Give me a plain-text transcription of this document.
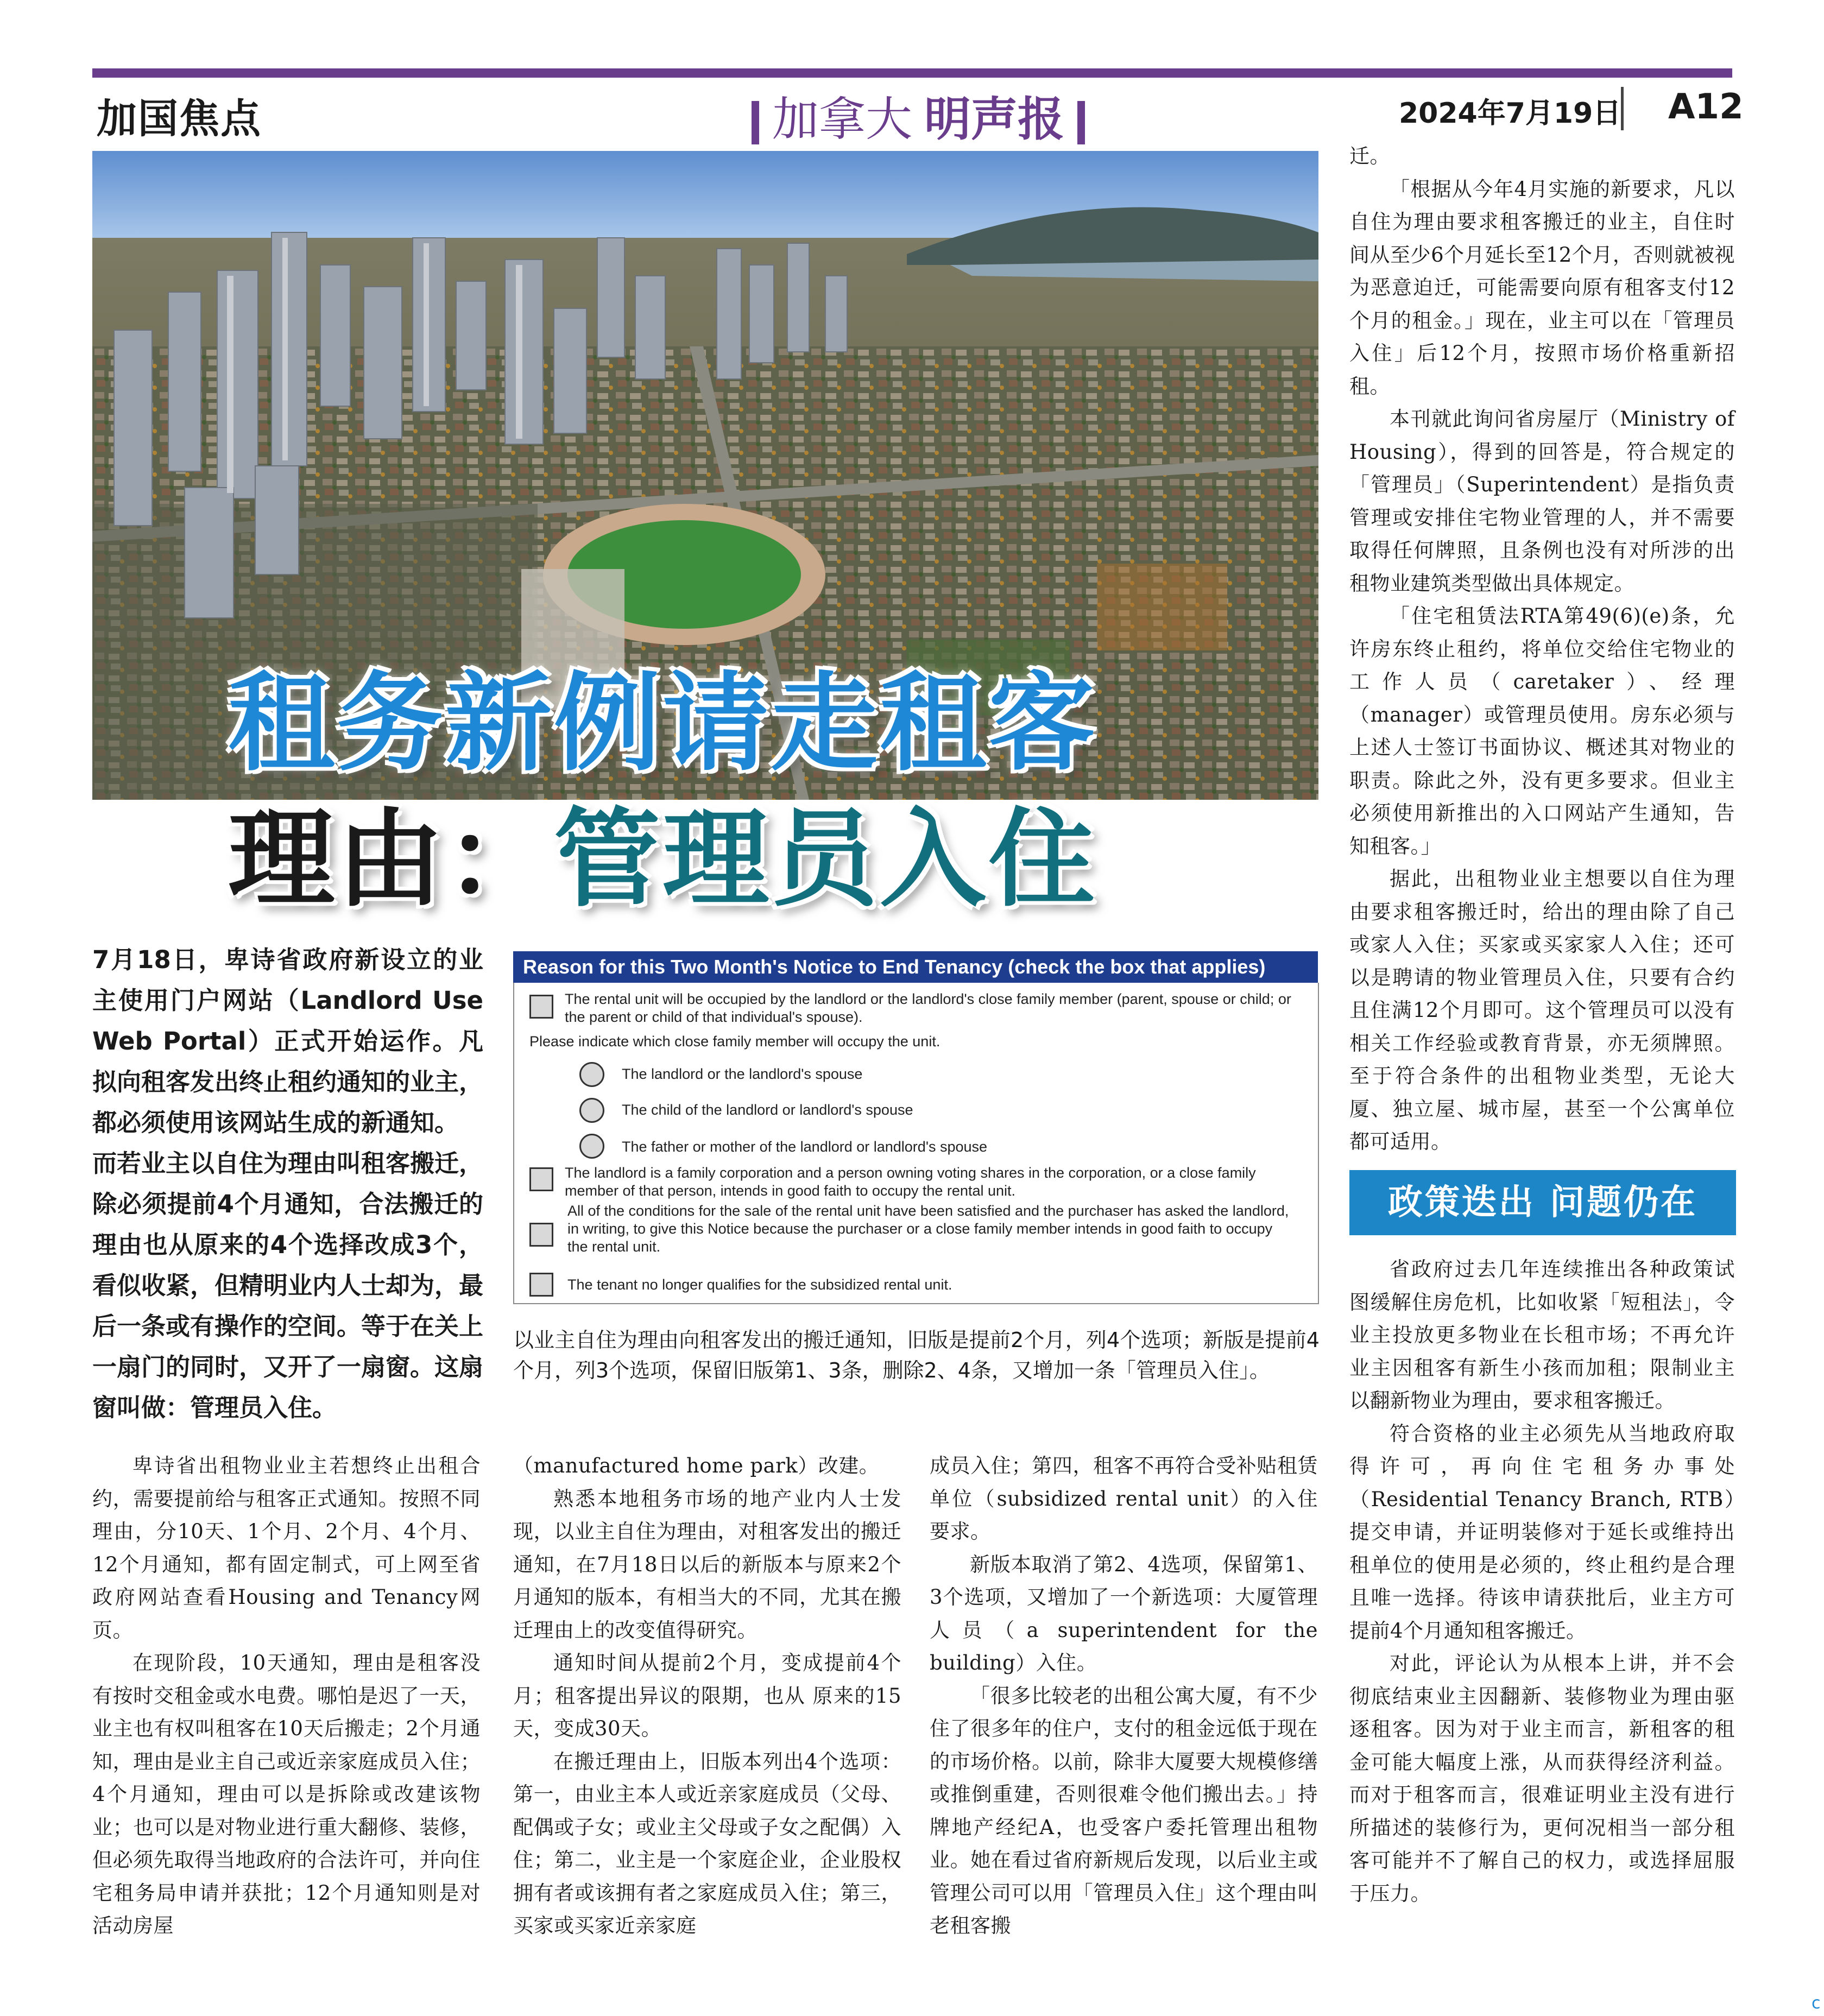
加国焦点	加拿大 明声报	2024年7月19日 A12
租务新例请走租客
理由：管理员入住

7月18日，卑诗省政府新设立的业主使用门户网站（Landlord Use Web Portal）正式开始运作。凡拟向租客发出终止租约通知的业主，都必须使用该网站生成的新通知。

而若业主以自住为理由叫租客搬迁，除必须提前4个月通知，合法搬迁的理由也从原来的4个选择改成3个，看似收紧，但精明业内人士却为，最后一条或有操作的空间。等于在关上一扇门的同时，又开了一扇窗。这扇窗叫做：管理员入住。

Reason for this Two Month's Notice to End Tenancy (check the box that applies)
The rental unit will be occupied by the landlord or the landlord's close family member (parent, spouse or child; or
the parent or child of that individual's spouse).
Please indicate which close family member will occupy the unit.
The landlord or the landlord's spouse
The child of the landlord or landlord's spouse
The father or mother of the landlord or landlord's spouse
The landlord is a family corporation and a person owning voting shares in the corporation, or a close family
member of that person, intends in good faith to occupy the rental unit.
All of the conditions for the sale of the rental unit have been satisfied and the purchaser has asked the landlord,
in writing, to give this Notice because the purchaser or a close family member intends in good faith to occupy
the rental unit.
The tenant no longer qualifies for the subsidized rental unit.
以业主自住为理由向租客发出的搬迁通知，旧版是提前2个月，列4个选项；新版是提前4个月，列3个选项，保留旧版第1、3条，删除2、4条，又增加一条「管理员入住」。

卑诗省出租物业业主若想终止出租合约，需要提前给与租客正式通知。按照不同理由，分10天、1个月、2个月、4个月、12个月通知，都有固定制式，可上网至省政府网站查看Housing and Tenancy网页。

在现阶段，10天通知，理由是租客没有按时交租金或水电费。哪怕是迟了一天，业主也有权叫租客在10天后搬走；2个月通知，理由是业主自己或近亲家庭成员入住；4个月通知，理由可以是拆除或改建该物业；也可以是对物业进行重大翻修、装修，但必须先取得当地政府的合法许可，并向住宅租务局申请并获批；12个月通知则是对活动房屋

（manufactured home park）改建。

熟悉本地租务市场的地产业内人士发现，以业主自住为理由，对租客发出的搬迁通知，在7月18日以后的新版本与原来2个月通知的版本，有相当大的不同，尤其在搬迁理由上的改变值得研究。

通知时间从提前2个月，变成提前4个月；租客提出异议的限期，也从 原来的15天，变成30天。

在搬迁理由上，旧版本列出4个选项：第一，由业主本人或近亲家庭成员（父母、配偶或子女；或业主父母或子女之配偶）入住；第二，业主是一个家庭企业，企业股权拥有者或该拥有者之家庭成员入住；第三，买家或买家近亲家庭

成员入住；第四，租客不再符合受补贴租赁单位（subsidized rental unit）的入住要求。

新版本取消了第2、4选项，保留第1、3个选项，又增加了一个新选项：大厦管理人员（a superintendent for the building）入住。

「很多比较老的出租公寓大厦，有不少住了很多年的住户，支付的租金远低于现在的市场价格。以前，除非大厦要大规模修缮或推倒重建，否则很难令他们搬出去。」持牌地产经纪A，也受客户委托管理出租物业。她在看过省府新规后发现，以后业主或管理公司可以用「管理员入住」这个理由叫老租客搬

迁。

「根据从今年4月实施的新要求，凡以自住为理由要求租客搬迁的业主，自住时间从至少6个月延长至12个月，否则就被视为恶意迫迁，可能需要向原有租客支付12个月的租金。」现在，业主可以在「管理员入住」后12个月，按照市场价格重新招租。

本刊就此询问省房屋厅（Ministry of Housing），得到的回答是，符合规定的「管理员」（Superintendent）是指负责管理或安排住宅物业管理的人，并不需要取得任何牌照，且条例也没有对所涉的出租物业建筑类型做出具体规定。

「住宅租赁法RTA第49(6)(e)条，允许房东终止租约，将单位交给住宅物业的工作人员（caretaker）、经理（manager）或管理员使用。房东必须与上述人士签订书面协议、概述其对物业的职责。除此之外，没有更多要求。但业主必须使用新推出的入口网站产生通知，告知租客。」

据此，出租物业业主想要以自住为理由要求租客搬迁时，给出的理由除了自己或家人入住；买家或买家家人入住；还可以是聘请的物业管理员入住，只要有合约且住满12个月即可。这个管理员可以没有相关工作经验或教育背景，亦无须牌照。至于符合条件的出租物业类型，无论大厦、独立屋、城市屋，甚至一个公寓单位都可适用。

政策迭出 问题仍在

省政府过去几年连续推出各种政策试图缓解住房危机，比如收紧「短租法」，令业主投放更多物业在长租市场；不再允许业主因租客有新生小孩而加租；限制业主以翻新物业为理由，要求租客搬迁。

符合资格的业主必须先从当地政府取得许可，再向住宅租务办事处（Residential Tenancy Branch, RTB）提交申请，并证明装修对于延长或维持出租单位的使用是必须的，终止租约是合理且唯一选择。待该申请获批后，业主方可提前4个月通知租客搬迁。

对此，评论认为从根本上讲，并不会彻底结束业主因翻新、装修物业为理由驱逐租客。因为对于业主而言，新租客的租金可能大幅度上涨，从而获得经济利益。而对于租客而言，很难证明业主没有进行所描述的装修行为，更何况相当一部分租客可能并不了解自己的权力，或选择屈服于压力。

c
